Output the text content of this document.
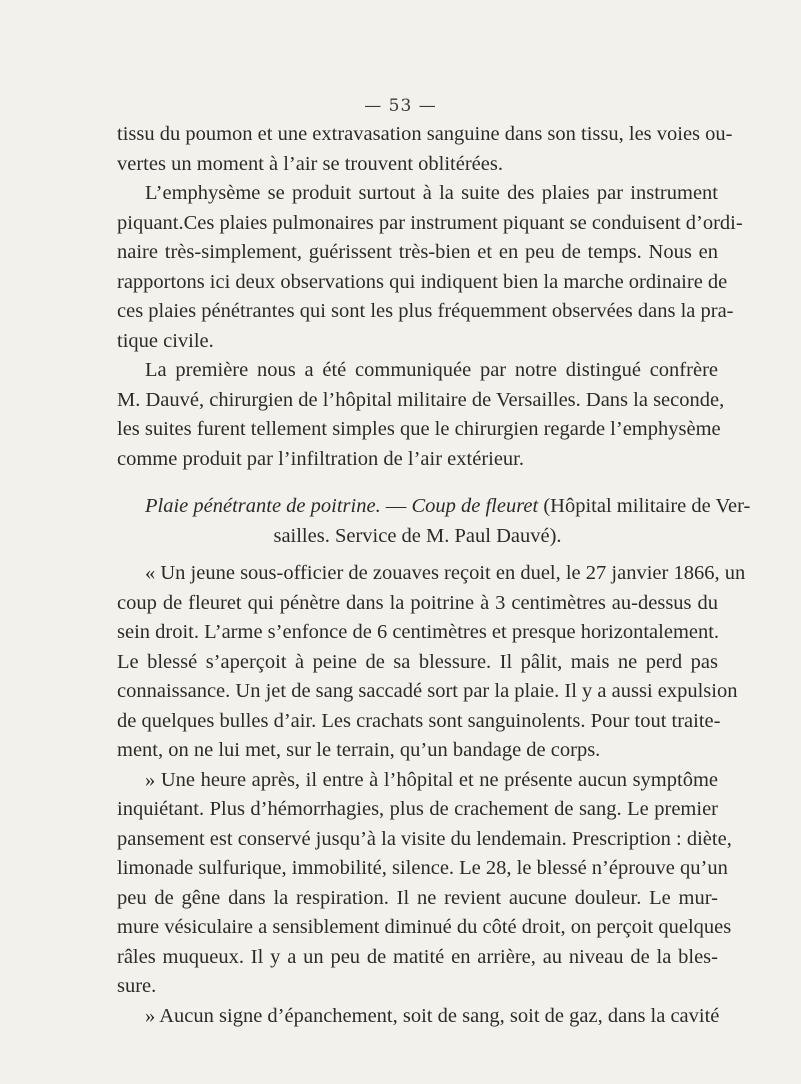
— 53 —
tissu du poumon et une extravasation sanguine dans son tissu, les voies ou-
vertes un moment à l’air se trouvent oblitérées.
L’emphysème se produit surtout à la suite des plaies par instrument
piquant.Ces plaies pulmonaires par instrument piquant se conduisent d’ordi-
naire très-simplement, guérissent très-bien et en peu de temps. Nous en
rapportons ici deux observations qui indiquent bien la marche ordinaire de
ces plaies pénétrantes qui sont les plus fréquemment observées dans la pra-
tique civile.
La première nous a été communiquée par notre distingué confrère
M. Dauvé, chirurgien de l’hôpital militaire de Versailles. Dans la seconde,
les suites furent tellement simples que le chirurgien regarde l’emphysème
comme produit par l’infiltration de l’air extérieur.
Plaie pénétrante de poitrine. — Coup de fleuret (Hôpital militaire de Ver-
sailles. Service de M. Paul Dauvé).
« Un jeune sous-officier de zouaves reçoit en duel, le 27 janvier 1866, un
coup de fleuret qui pénètre dans la poitrine à 3 centimètres au-dessus du
sein droit. L’arme s’enfonce de 6 centimètres et presque horizontalement.
Le blessé s’aperçoit à peine de sa blessure. Il pâlit, mais ne perd pas
connaissance. Un jet de sang saccadé sort par la plaie. Il y a aussi expulsion
de quelques bulles d’air. Les crachats sont sanguinolents. Pour tout traite-
ment, on ne lui met, sur le terrain, qu’un bandage de corps.
» Une heure après, il entre à l’hôpital et ne présente aucun symptôme
inquiétant. Plus d’hémorrhagies, plus de crachement de sang. Le premier
pansement est conservé jusqu’à la visite du lendemain. Prescription : diète,
limonade sulfurique, immobilité, silence. Le 28, le blessé n’éprouve qu’un
peu de gêne dans la respiration. Il ne revient aucune douleur. Le mur-
mure vésiculaire a sensiblement diminué du côté droit, on perçoit quelques
râles muqueux. Il y a un peu de matité en arrière, au niveau de la bles-
sure.
» Aucun signe d’épanchement, soit de sang, soit de gaz, dans la cavité
